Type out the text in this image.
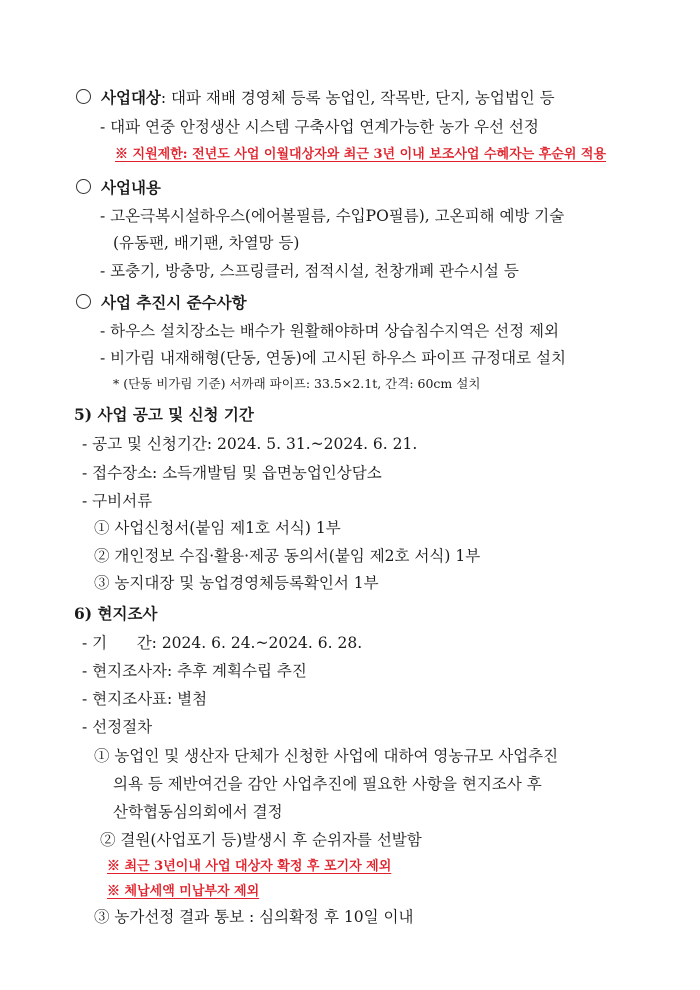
사업대상: 대파 재배 경영체 등록 농업인, 작목반, 단지, 농업법인 등
- 대파 연중 안정생산 시스템 구축사업 연계가능한 농가 우선 선정
※ 지원제한: 전년도 사업 이월대상자와 최근 3년 이내 보조사업 수혜자는 후순위 적용
사업내용
- 고온극복시설하우스(에어볼필름, 수입PO필름), 고온피해 예방 기술
(유동팬, 배기팬, 차열망 등)
- 포충기, 방충망, 스프링클러, 점적시설, 천창개폐 관수시설 등
사업 추진시 준수사항
- 하우스 설치장소는 배수가 원활해야하며 상습침수지역은 선정 제외
- 비가림 내재해형(단동, 연동)에 고시된 하우스 파이프 규정대로 설치
* (단동 비가림 기준) 서까래 파이프: 33.5×2.1t, 간격: 60cm 설치
5) 사업 공고 및 신청 기간
- 공고 및 신청기간: 2024. 5. 31.~2024. 6. 21.
- 접수장소: 소득개발팀 및 읍면농업인상담소
- 구비서류
① 사업신청서(붙임 제1호 서식) 1부
② 개인정보 수집·활용·제공 동의서(붙임 제2호 서식) 1부
③ 농지대장 및 농업경영체등록확인서 1부
6) 현지조사
- 기      간: 2024. 6. 24.~2024. 6. 28.
- 현지조사자: 추후 계획수립 추진
- 현지조사표: 별첨
- 선정절차
① 농업인 및 생산자 단체가 신청한 사업에 대하여 영농규모 사업추진
의욕 등 제반여건을 감안 사업추진에 필요한 사항을 현지조사 후
산학협동심의회에서 결정
② 결원(사업포기 등)발생시 후 순위자를 선발함
※ 최근 3년이내 사업 대상자 확정 후 포기자 제외
※ 체납세액 미납부자 제외
③ 농가선정 결과 통보 : 심의확정 후 10일 이내
